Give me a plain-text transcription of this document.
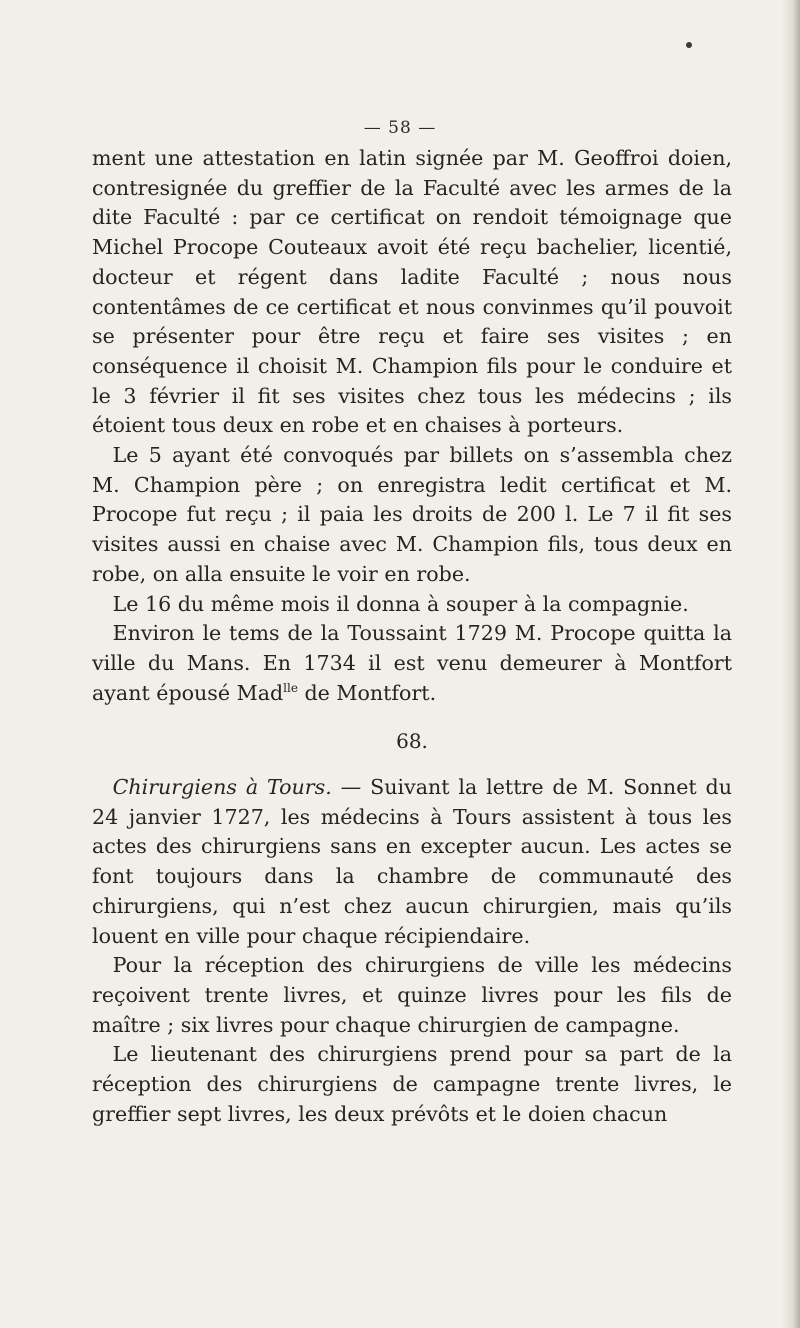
— 58 —

ment une attestation en latin signée par M. Geoffroi doien, contresignée du greffier de la Faculté avec les armes de la dite Faculté : par ce certificat on rendoit témoignage que Michel Procope Couteaux avoit été reçu bachelier, licentié, docteur et régent dans ladite Faculté ; nous nous contentâmes de ce certificat et nous convinmes qu’il pouvoit se présenter pour être reçu et faire ses visites ; en conséquence il choisit M. Champion fils pour le conduire et le 3 février il fit ses visites chez tous les médecins ; ils étoient tous deux en robe et en chaises à porteurs.

Le 5 ayant été convoqués par billets on s’assembla chez M. Champion père ; on enregistra ledit certificat et M. Procope fut reçu ; il paia les droits de 200 l. Le 7 il fit ses visites aussi en chaise avec M. Champion fils, tous deux en robe, on alla ensuite le voir en robe.

Le 16 du même mois il donna à souper à la compagnie.

Environ le tems de la Toussaint 1729 M. Procope quitta la ville du Mans. En 1734 il est venu demeurer à Montfort ayant épousé Mad$^{lle}$ de Montfort.

68.

Chirurgiens à Tours. — Suivant la lettre de M. Sonnet du 24 janvier 1727, les médecins à Tours assistent à tous les actes des chirurgiens sans en excepter aucun. Les actes se font toujours dans la chambre de communauté des chirurgiens, qui n’est chez aucun chirurgien, mais qu’ils louent en ville pour chaque récipiendaire.

Pour la réception des chirurgiens de ville les médecins reçoivent trente livres, et quinze livres pour les fils de maître ; six livres pour chaque chirurgien de campagne.

Le lieutenant des chirurgiens prend pour sa part de la réception des chirurgiens de campagne trente livres, le greffier sept livres, les deux prévôts et le doien chacun
